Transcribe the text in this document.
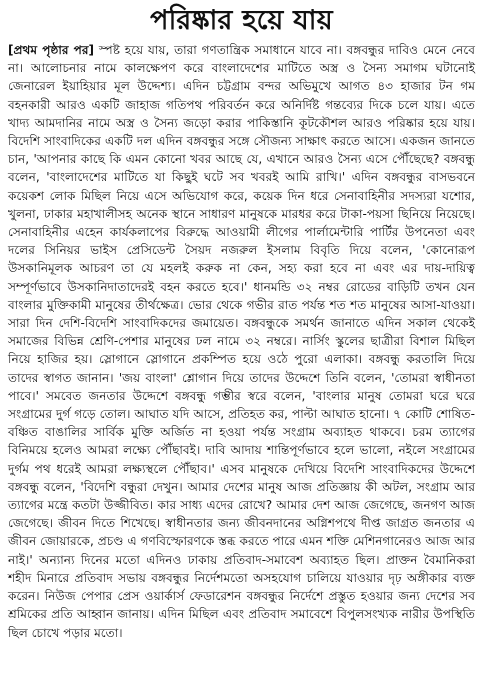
পরিষ্কার হয়ে যায়

[প্রথম পৃষ্ঠার পর] স্পষ্ট হয়ে যায়, তারা গণতান্ত্রিক সমাধানে যাবে না। বঙ্গবন্ধুর দাবিও মেনে নেবে না। আলোচনার নামে কালক্ষেপণ করে বাংলাদেশের মাটিতে অস্ত্র ও সৈন্য সমাগম ঘটানোই জেনারেল ইয়াহিয়ার মূল উদ্দেশ্য। এদিন চট্টগ্রাম বন্দর অভিমুখে আগত ৪৩ হাজার টন গম বহনকারী আরও একটি জাহাজ গতিপথ পরিবর্তন করে অনির্দিষ্ট গন্তব্যের দিকে চলে যায়। এতে খাদ্য আমদানির নামে অস্ত্র ও সৈন্য জড়ো করার পাকিস্তানি কূটকৌশল আরও পরিষ্কার হয়ে যায়। বিদেশি সাংবাদিকের একটি দল এদিন বঙ্গবন্ধুর সঙ্গে সৌজন্য সাক্ষাৎ করতে আসে। একজন জানতে চান, 'আপনার কাছে কি এমন কোনো খবর আছে যে, এখানে আরও সৈন্য এসে পৌঁছেছে? বঙ্গবন্ধু বলেন, 'বাংলাদেশের মাটিতে যা কিছুই ঘটে সব খবরই আমি রাখি।' এদিন বঙ্গবন্ধুর বাসভবনে কয়েকশ লোক মিছিল নিয়ে এসে অভিযোগ করে, কয়েক দিন ধরে সেনাবাহিনীর সদস্যরা যশোর, খুলনা, ঢাকার মহাখালীসহ অনেক স্থানে সাধারণ মানুষকে মারধর করে টাকা-পয়সা ছিনিয়ে নিয়েছে। সেনাবাহিনীর এহেন কার্যকলাপের বিরুদ্ধে আওয়ামী লীগের পার্লামেন্টারি পার্টির উপনেতা এবং দলের সিনিয়র ভাইস প্রেসিডেন্ট সৈয়দ নজরুল ইসলাম বিবৃতি দিয়ে বলেন, 'কোনোরূপ উসকানিমূলক আচরণ তা যে মহলই করুক না কেন, সহ্য করা হবে না এবং এর দায়-দায়িত্ব সম্পূর্ণভাবে উসকানিদাতাদেরই বহন করতে হবে।' ধানমন্ডি ৩২ নম্বর রোডের বাড়িটি তখন যেন বাংলার মুক্তিকামী মানুষের তীর্থক্ষেত্র। ভোর থেকে গভীর রাত পর্যন্ত শত শত মানুষের আসা-যাওয়া। সারা দিন দেশি-বিদেশি সাংবাদিকদের জমায়েত। বঙ্গবন্ধুকে সমর্থন জানাতে এদিন সকাল থেকেই সমাজের বিভিন্ন শ্রেণি-পেশার মানুষের ঢল নামে ৩২ নম্বরে। নার্সিং স্কুলের ছাত্রীরা বিশাল মিছিল নিয়ে হাজির হয়। স্লোগানে স্লোগানে প্রকম্পিত হয়ে ওঠে পুরো এলাকা। বঙ্গবন্ধু করতালি দিয়ে তাদের স্বাগত জানান। 'জয় বাংলা' শ্লোগান দিয়ে তাদের উদ্দেশে তিনি বলেন, 'তোমরা স্বাধীনতা পাবে।' সমবেত জনতার উদ্দেশে বঙ্গবন্ধু গম্ভীর স্বরে বলেন, 'বাংলার মানুষ তোমরা ঘরে ঘরে সংগ্রামের দুর্গ গড়ে তোল। আঘাত যদি আসে, প্রতিহত কর, পাল্টা আঘাত হানো। ৭ কোটি শোষিত-বঞ্চিত বাঙালির সার্বিক মুক্তি অর্জিত না হওয়া পর্যন্ত সংগ্রাম অব্যাহত থাকবে। চরম ত্যাগের বিনিময়ে হলেও আমরা লক্ষ্যে পৌঁছাবই। দাবি আদায় শান্তিপূর্ণভাবে হলে ভালো, নইলে সংগ্রামের দুর্গম পথ ধরেই আমরা লক্ষ্যস্থলে পৌঁছাব।' এসব মানুষকে দেখিয়ে বিদেশি সাংবাদিকদের উদ্দেশে বঙ্গবন্ধু বলেন, 'বিদেশি বন্ধুরা দেখুন। আমার দেশের মানুষ আজ প্রতিজ্ঞায় কী অটল, সংগ্রাম আর ত্যাগের মন্ত্রে কতটা উজ্জীবিত। কার সাধ্য এদের রোখে? আমার দেশ আজ জেগেছে, জনগণ আজ জেগেছে। জীবন দিতে শিখেছে। স্বাধীনতার জন্য জীবনদানের অগ্নিশপথে দীপ্ত জাগ্রত জনতার এ জীবন জোয়ারকে, প্রচণ্ড এ গণবিস্ফোরণকে স্তব্ধ করতে পারে এমন শক্তি মেশিনগানেরও আজ আর নাই।' অন্যান্য দিনের মতো এদিনও ঢাকায় প্রতিবাদ-সমাবেশ অব্যাহত ছিল। প্রাক্তন বৈমানিকরা শহীদ মিনারে প্রতিবাদ সভায় বঙ্গবন্ধুর নির্দেশমতো অসহযোগ চালিয়ে যাওয়ার দৃঢ় অঙ্গীকার ব্যক্ত করেন। নিউজ পেপার প্রেস ওয়ার্কার্স ফেডারেশন বঙ্গবন্ধুর নির্দেশে প্রস্তুত হওয়ার জন্য দেশের সব শ্রমিকের প্রতি আহ্বান জানায়। এদিন মিছিল এবং প্রতিবাদ সমাবেশে বিপুলসংখ্যক নারীর উপস্থিতি ছিল চোখে পড়ার মতো।
